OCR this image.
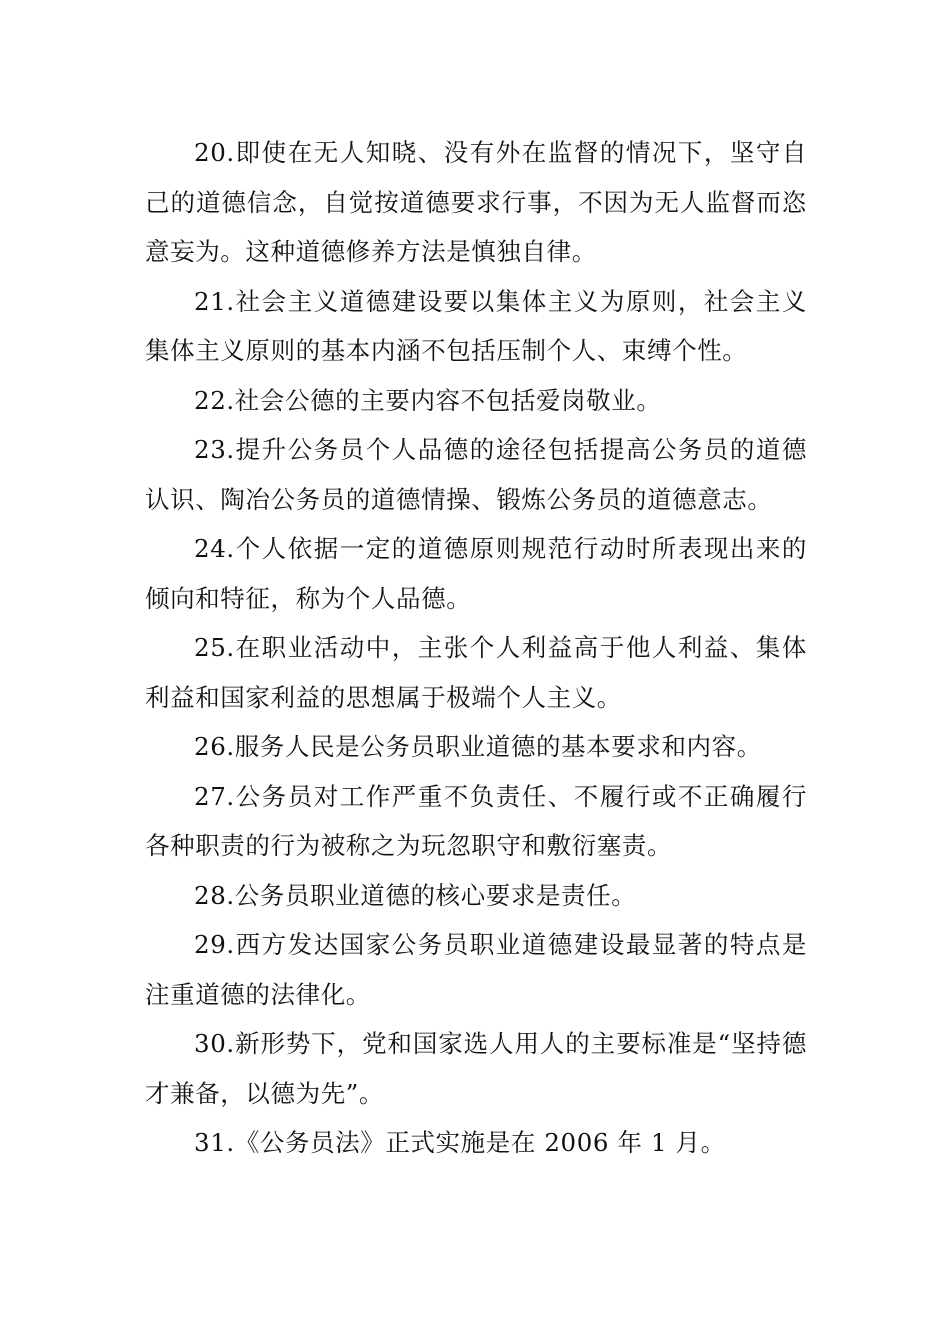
20.即使在无人知晓、没有外在监督的情况下，坚守自己的道德信念，自觉按道德要求行事，不因为无人监督而恣意妄为。这种道德修养方法是慎独自律。

21.社会主义道德建设要以集体主义为原则，社会主义集体主义原则的基本内涵不包括压制个人、束缚个性。

22.社会公德的主要内容不包括爱岗敬业。

23.提升公务员个人品德的途径包括提高公务员的道德认识、陶冶公务员的道德情操、锻炼公务员的道德意志。

24.个人依据一定的道德原则规范行动时所表现出来的倾向和特征，称为个人品德。

25.在职业活动中，主张个人利益高于他人利益、集体利益和国家利益的思想属于极端个人主义。

26.服务人民是公务员职业道德的基本要求和内容。

27.公务员对工作严重不负责任、不履行或不正确履行各种职责的行为被称之为玩忽职守和敷衍塞责。

28.公务员职业道德的核心要求是责任。

29.西方发达国家公务员职业道德建设最显著的特点是注重道德的法律化。

30.新形势下，党和国家选人用人的主要标准是“坚持德才兼备，以德为先”。

31.《公务员法》正式实施是在 2006 年 1 月。
